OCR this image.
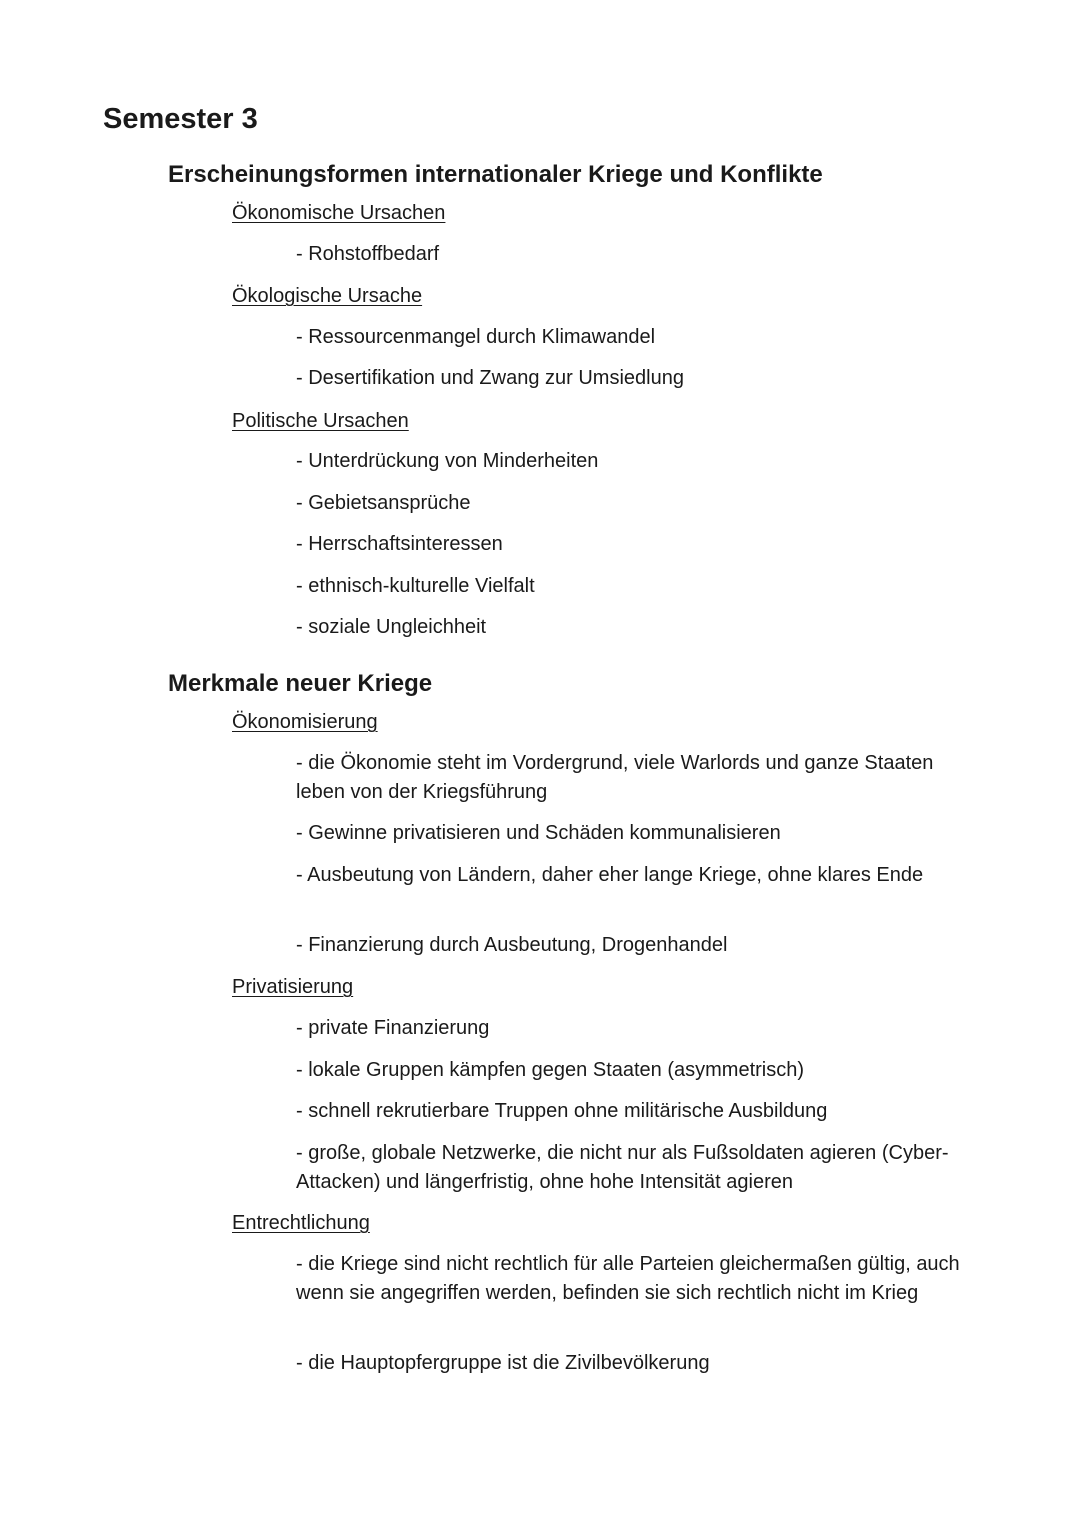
Semester 3
Erscheinungsformen internationaler Kriege und Konflikte
Ökonomische Ursachen

- Rohstoffbedarf

Ökologische Ursache

- Ressourcenmangel durch Klimawandel

- Desertifikation und Zwang zur Umsiedlung

Politische Ursachen

- Unterdrückung von Minderheiten

- Gebietsansprüche

- Herrschaftsinteressen

- ethnisch-kulturelle Vielfalt

- soziale Ungleichheit

Merkmale neuer Kriege
Ökonomisierung

- die Ökonomie steht im Vordergrund, viele Warlords und ganze Staaten leben von der Kriegsführung

- Gewinne privatisieren und Schäden kommunalisieren

- Ausbeutung von Ländern, daher eher lange Kriege, ohne klares Ende

- Finanzierung durch Ausbeutung, Drogenhandel

Privatisierung

- private Finanzierung

- lokale Gruppen kämpfen gegen Staaten (asymmetrisch)

- schnell rekrutierbare Truppen ohne militärische Ausbildung

- große, globale Netzwerke, die nicht nur als Fußsoldaten agieren (Cyber-Attacken) und längerfristig, ohne hohe Intensität agieren

Entrechtlichung

- die Kriege sind nicht rechtlich für alle Parteien gleichermaßen gültig, auch wenn sie angegriffen werden, befinden sie sich rechtlich nicht im Krieg

- die Hauptopfergruppe ist die Zivilbevölkerung
